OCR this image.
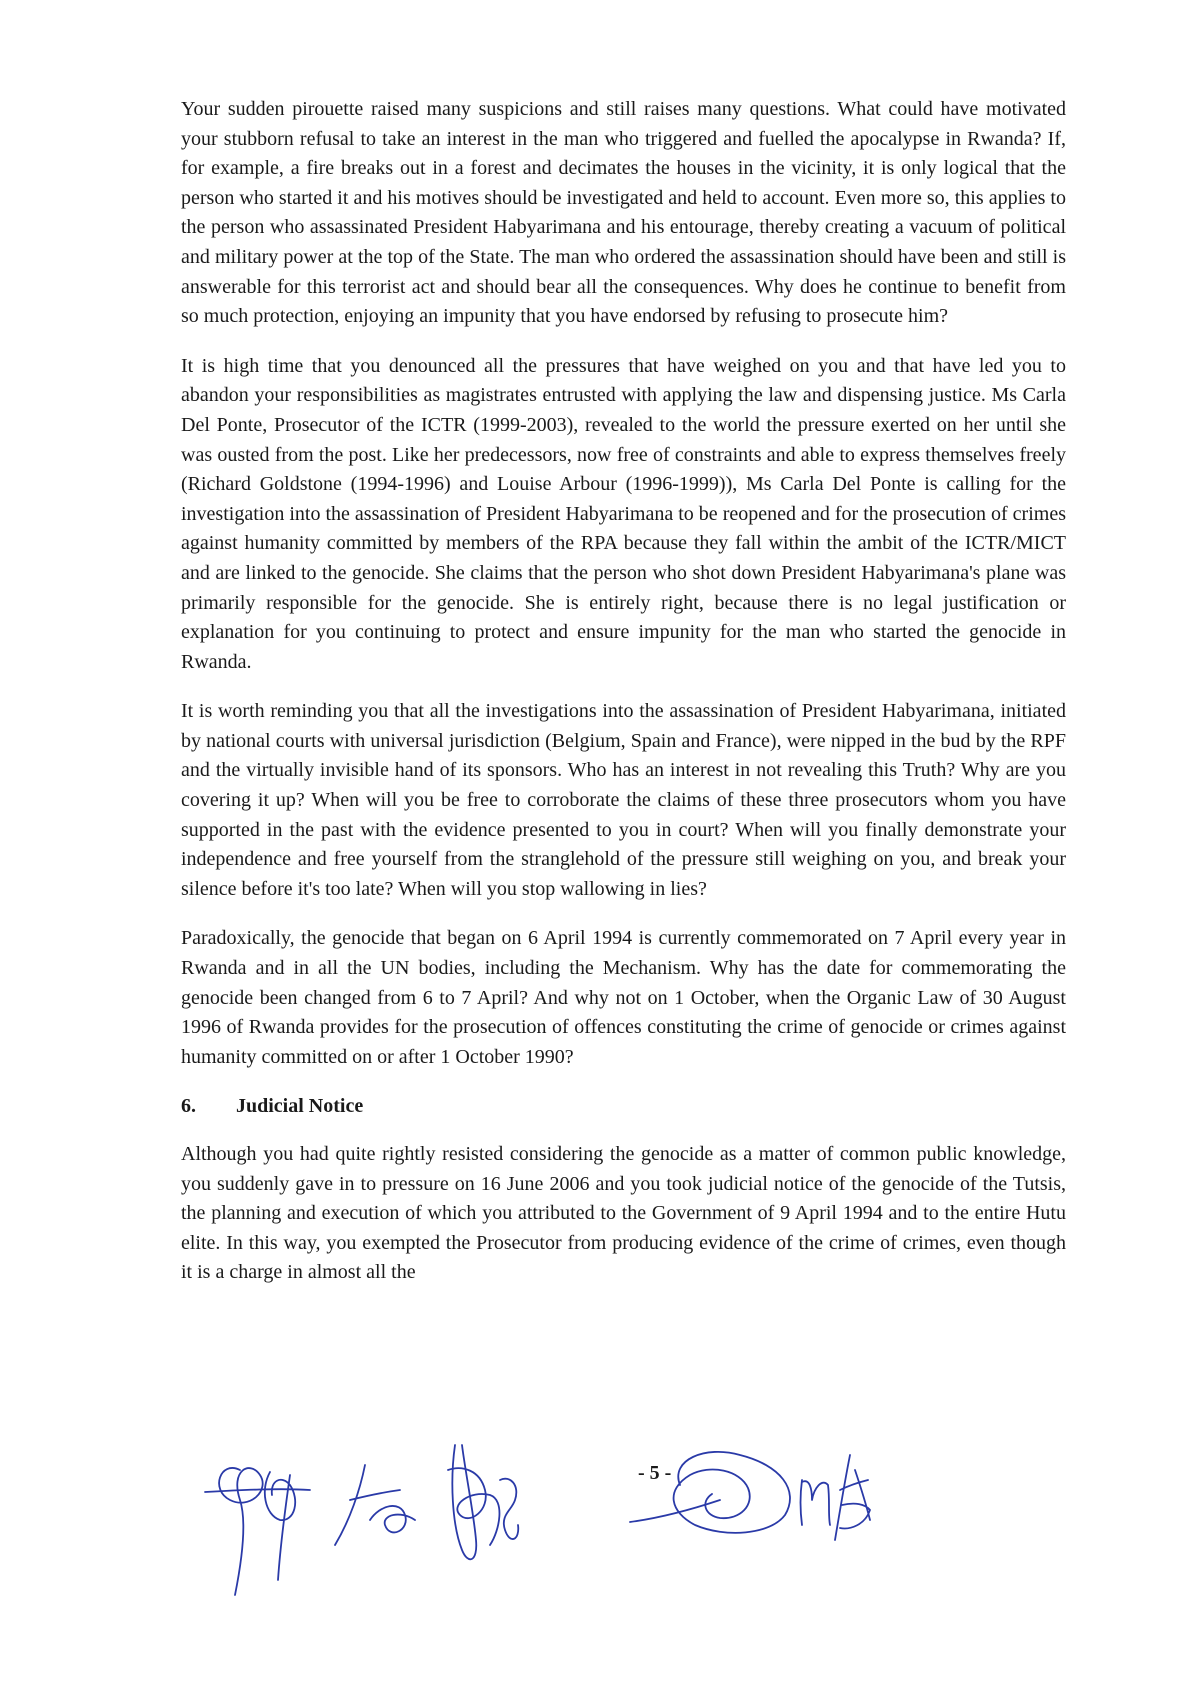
Your sudden pirouette raised many suspicions and still raises many questions. What could have motivated your stubborn refusal to take an interest in the man who triggered and fuelled the apocalypse in Rwanda? If, for example, a fire breaks out in a forest and decimates the houses in the vicinity, it is only logical that the person who started it and his motives should be investigated and held to account. Even more so, this applies to the person who assassinated President Habyarimana and his entourage, thereby creating a vacuum of political and military power at the top of the State. The man who ordered the assassination should have been and still is answerable for this terrorist act and should bear all the consequences. Why does he continue to benefit from so much protection, enjoying an impunity that you have endorsed by refusing to prosecute him?

It is high time that you denounced all the pressures that have weighed on you and that have led you to abandon your responsibilities as magistrates entrusted with applying the law and dispensing justice. Ms Carla Del Ponte, Prosecutor of the ICTR (1999-2003), revealed to the world the pressure exerted on her until she was ousted from the post. Like her predecessors, now free of constraints and able to express themselves freely (Richard Goldstone (1994-1996) and Louise Arbour (1996-1999)), Ms Carla Del Ponte is calling for the investigation into the assassination of President Habyarimana to be reopened and for the prosecution of crimes against humanity committed by members of the RPA because they fall within the ambit of the ICTR/MICT and are linked to the genocide. She claims that the person who shot down President Habyarimana's plane was primarily responsible for the genocide. She is entirely right, because there is no legal justification or explanation for you continuing to protect and ensure impunity for the man who started the genocide in Rwanda.

It is worth reminding you that all the investigations into the assassination of President Habyarimana, initiated by national courts with universal jurisdiction (Belgium, Spain and France), were nipped in the bud by the RPF and the virtually invisible hand of its sponsors. Who has an interest in not revealing this Truth? Why are you covering it up? When will you be free to corroborate the claims of these three prosecutors whom you have supported in the past with the evidence presented to you in court? When will you finally demonstrate your independence and free yourself from the stranglehold of the pressure still weighing on you, and break your silence before it's too late? When will you stop wallowing in lies?

Paradoxically, the genocide that began on 6 April 1994 is currently commemorated on 7 April every year in Rwanda and in all the UN bodies, including the Mechanism. Why has the date for commemorating the genocide been changed from 6 to 7 April? And why not on 1 October, when the Organic Law of 30 August 1996 of Rwanda provides for the prosecution of offences constituting the crime of genocide or crimes against humanity committed on or after 1 October 1990?

6.	Judicial Notice

Although you had quite rightly resisted considering the genocide as a matter of common public knowledge, you suddenly gave in to pressure on 16 June 2006 and you took judicial notice of the genocide of the Tutsis, the planning and execution of which you attributed to the Government of 9 April 1994 and to the entire Hutu elite. In this way, you exempted the Prosecutor from producing evidence of the crime of crimes, even though it is a charge in almost all the

- 5 -
